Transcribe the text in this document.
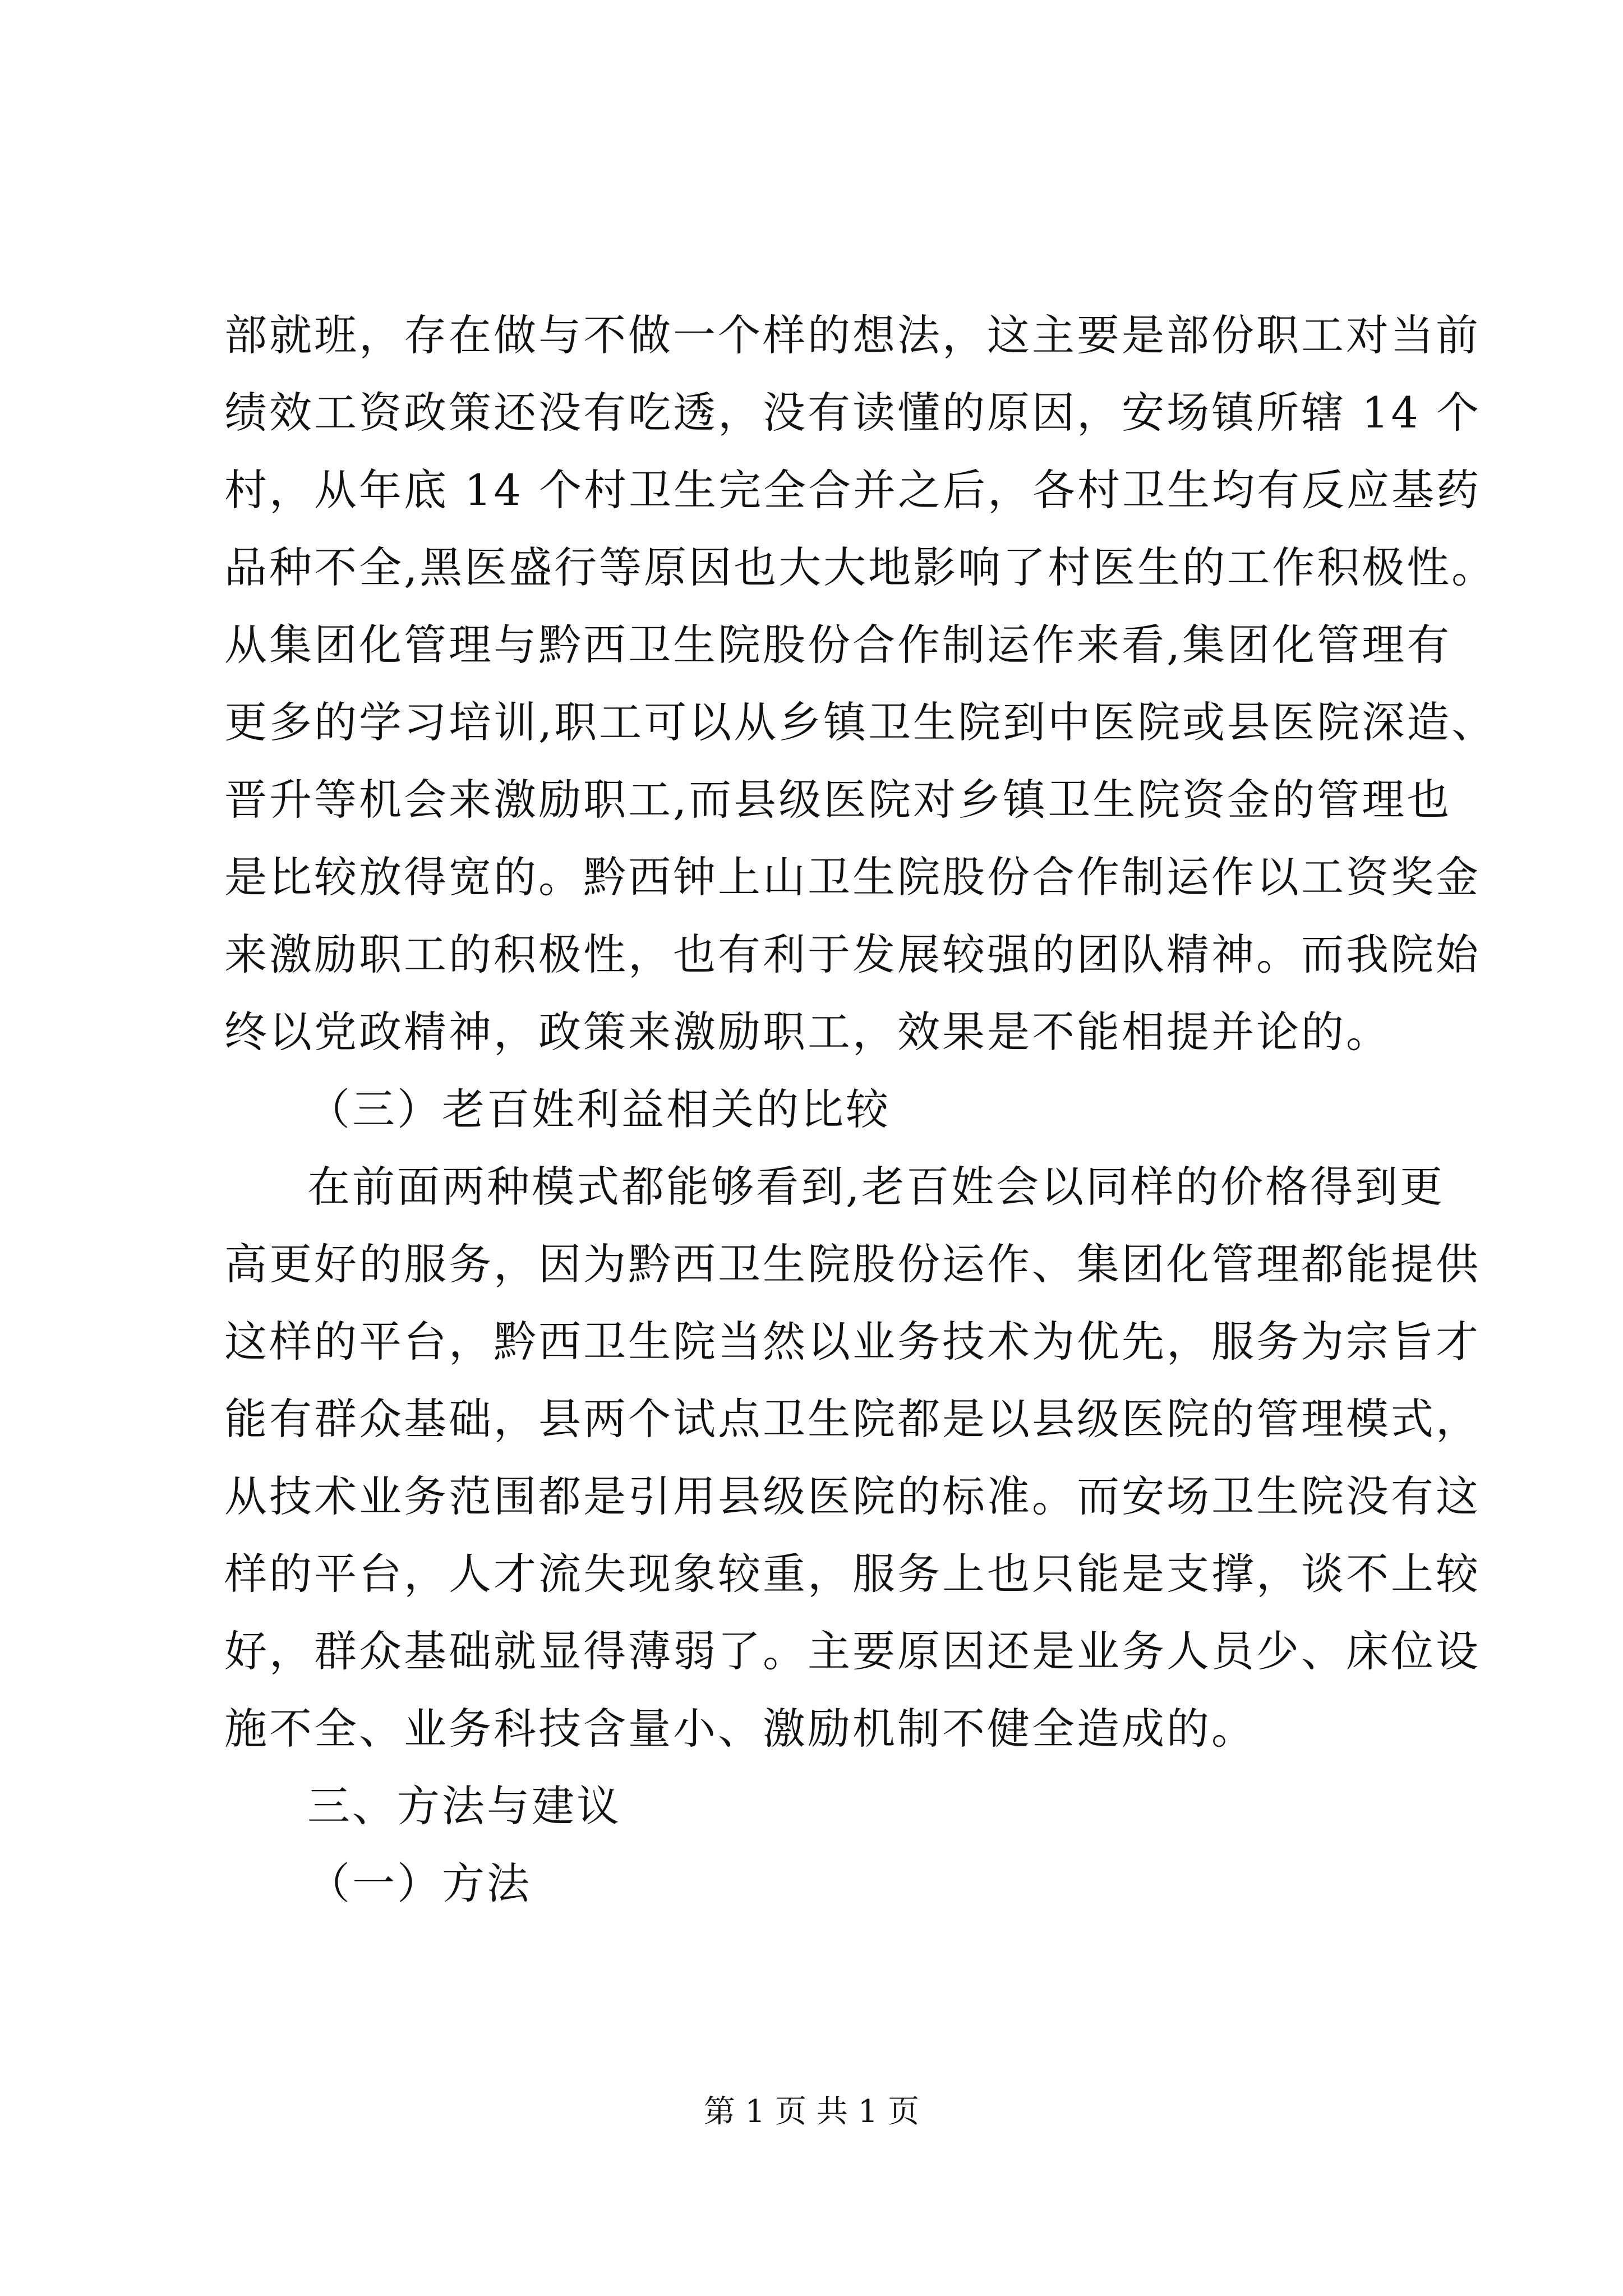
部就班，存在做与不做一个样的想法，这主要是部份职工对当前
绩效工资政策还没有吃透，没有读懂的原因，安场镇所辖 14 个
村，从年底 14 个村卫生完全合并之后，各村卫生均有反应基药
品种不全,黑医盛行等原因也大大地影响了村医生的工作积极性。
从集团化管理与黔西卫生院股份合作制运作来看,集团化管理有
更多的学习培训,职工可以从乡镇卫生院到中医院或县医院深造、
晋升等机会来激励职工,而县级医院对乡镇卫生院资金的管理也
是比较放得宽的。黔西钟上山卫生院股份合作制运作以工资奖金
来激励职工的积极性，也有利于发展较强的团队精神。而我院始
终以党政精神，政策来激励职工，效果是不能相提并论的。
（三）老百姓利益相关的比较
在前面两种模式都能够看到,老百姓会以同样的价格得到更
高更好的服务，因为黔西卫生院股份运作、集团化管理都能提供
这样的平台，黔西卫生院当然以业务技术为优先，服务为宗旨才
能有群众基础，县两个试点卫生院都是以县级医院的管理模式，
从技术业务范围都是引用县级医院的标准。而安场卫生院没有这
样的平台，人才流失现象较重，服务上也只能是支撑，谈不上较
好，群众基础就显得薄弱了。主要原因还是业务人员少、床位设
施不全、业务科技含量小、激励机制不健全造成的。
三、方法与建议
（一）方法
第 1 页 共 1 页
